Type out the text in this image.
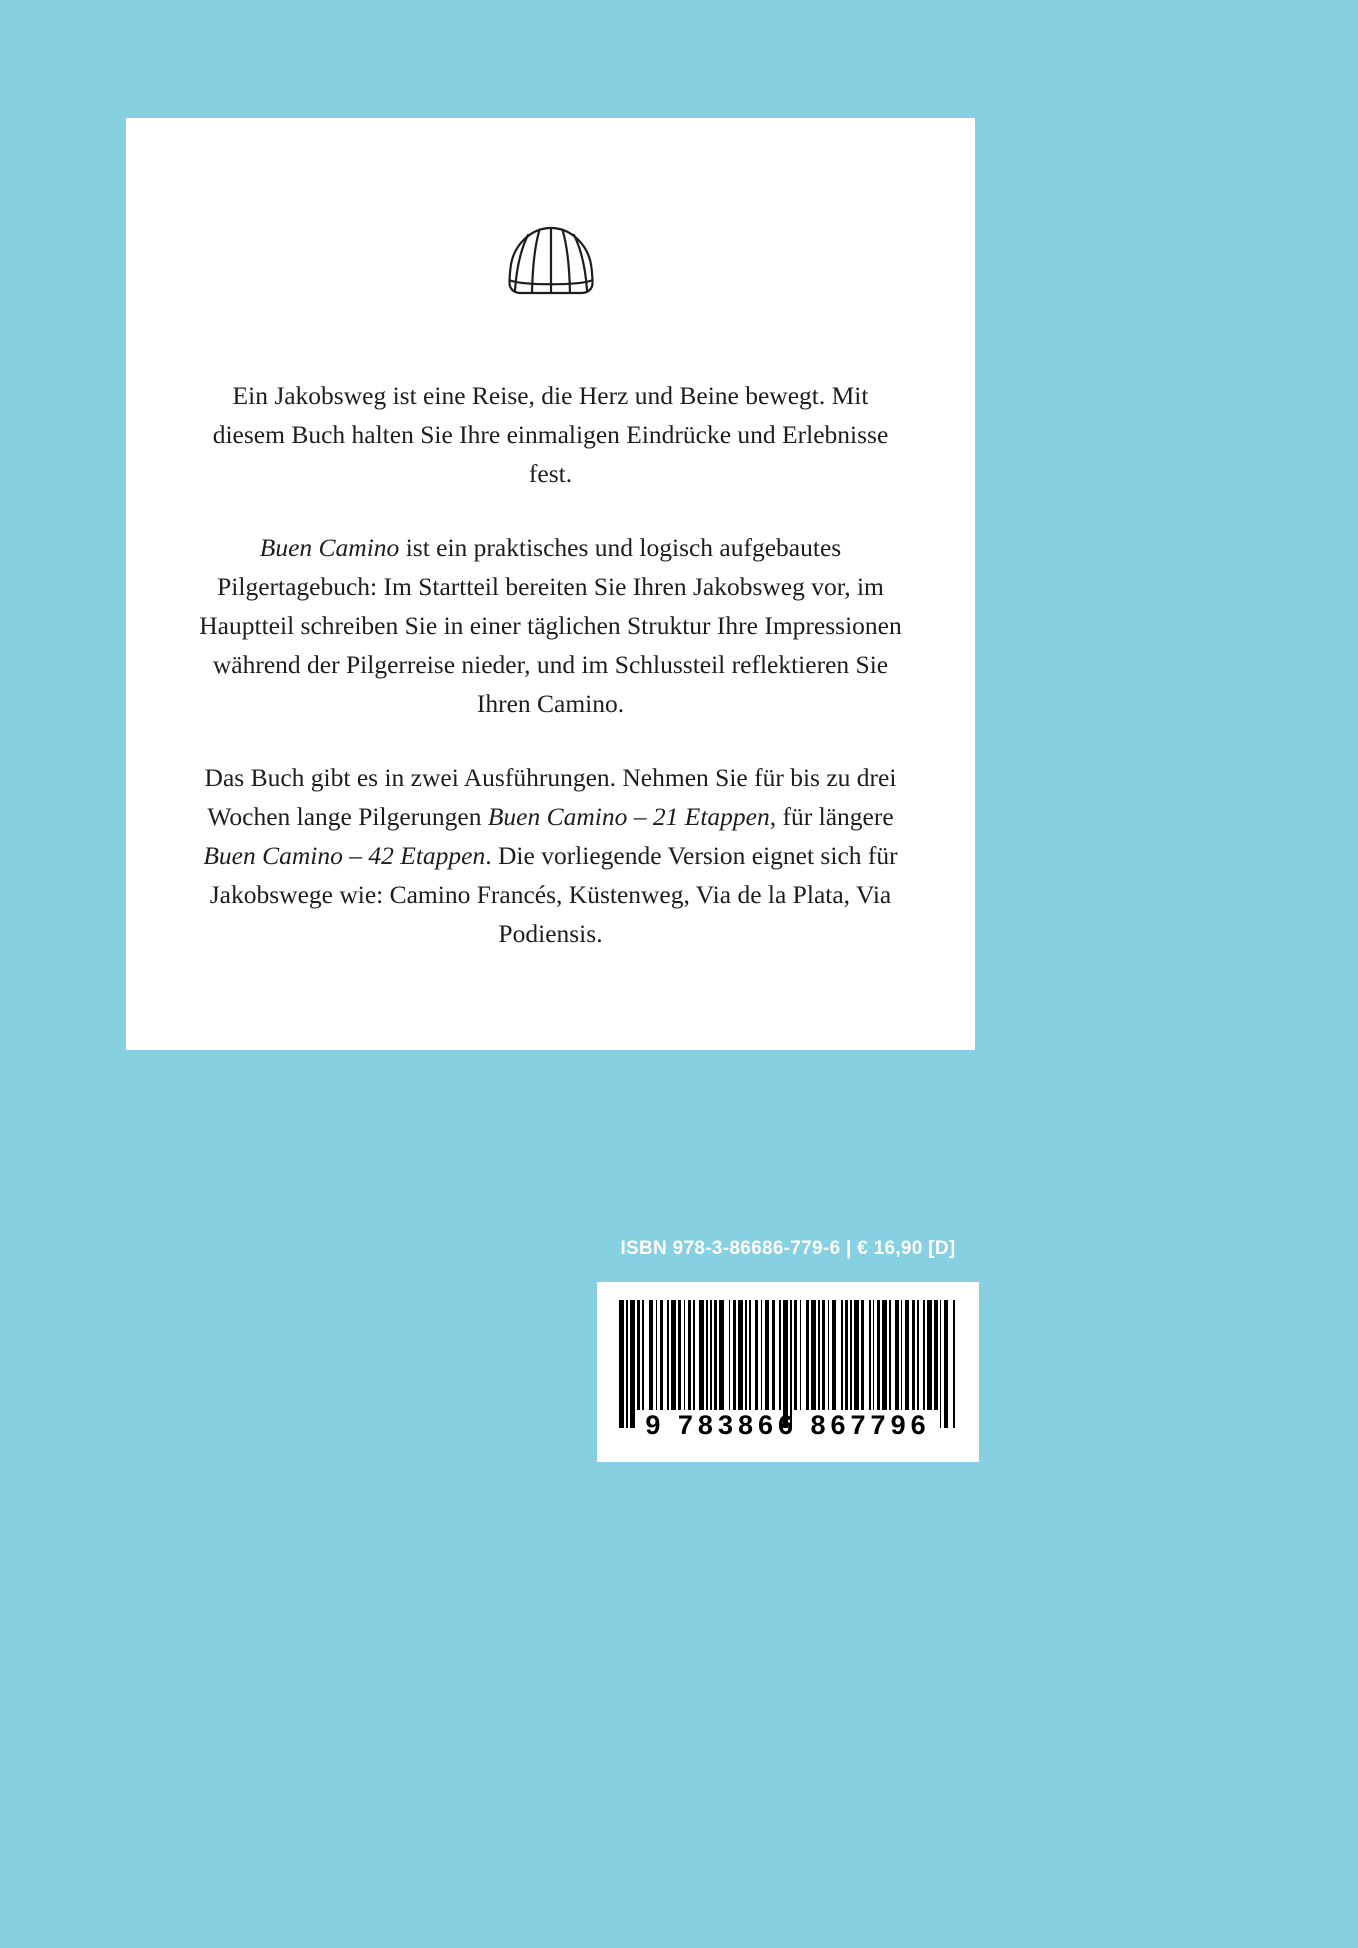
Ein Jakobsweg ist eine Reise, die Herz und Beine bewegt. Mit diesem Buch halten Sie Ihre einmaligen Eindrücke und Erlebnisse fest.

Buen Camino ist ein praktisches und logisch aufgebautes Pilgertagebuch: Im Startteil bereiten Sie Ihren Jakobsweg vor, im Hauptteil schreiben Sie in einer täglichen Struktur Ihre Impressionen während der Pilgerreise nieder, und im Schlussteil reflektieren Sie Ihren Camino.

Das Buch gibt es in zwei Ausführungen. Nehmen Sie für bis zu drei Wochen lange Pilgerungen Buen Camino – 21 Etappen, für längere Buen Camino – 42 Etappen. Die vorliegende Version eignet sich für Jakobswege wie: Camino Francés, Küstenweg, Via de la Plata, Via Podiensis.

ISBN 978-3-86686-779-6 | € 16,90 [D]
9 783866 867796
